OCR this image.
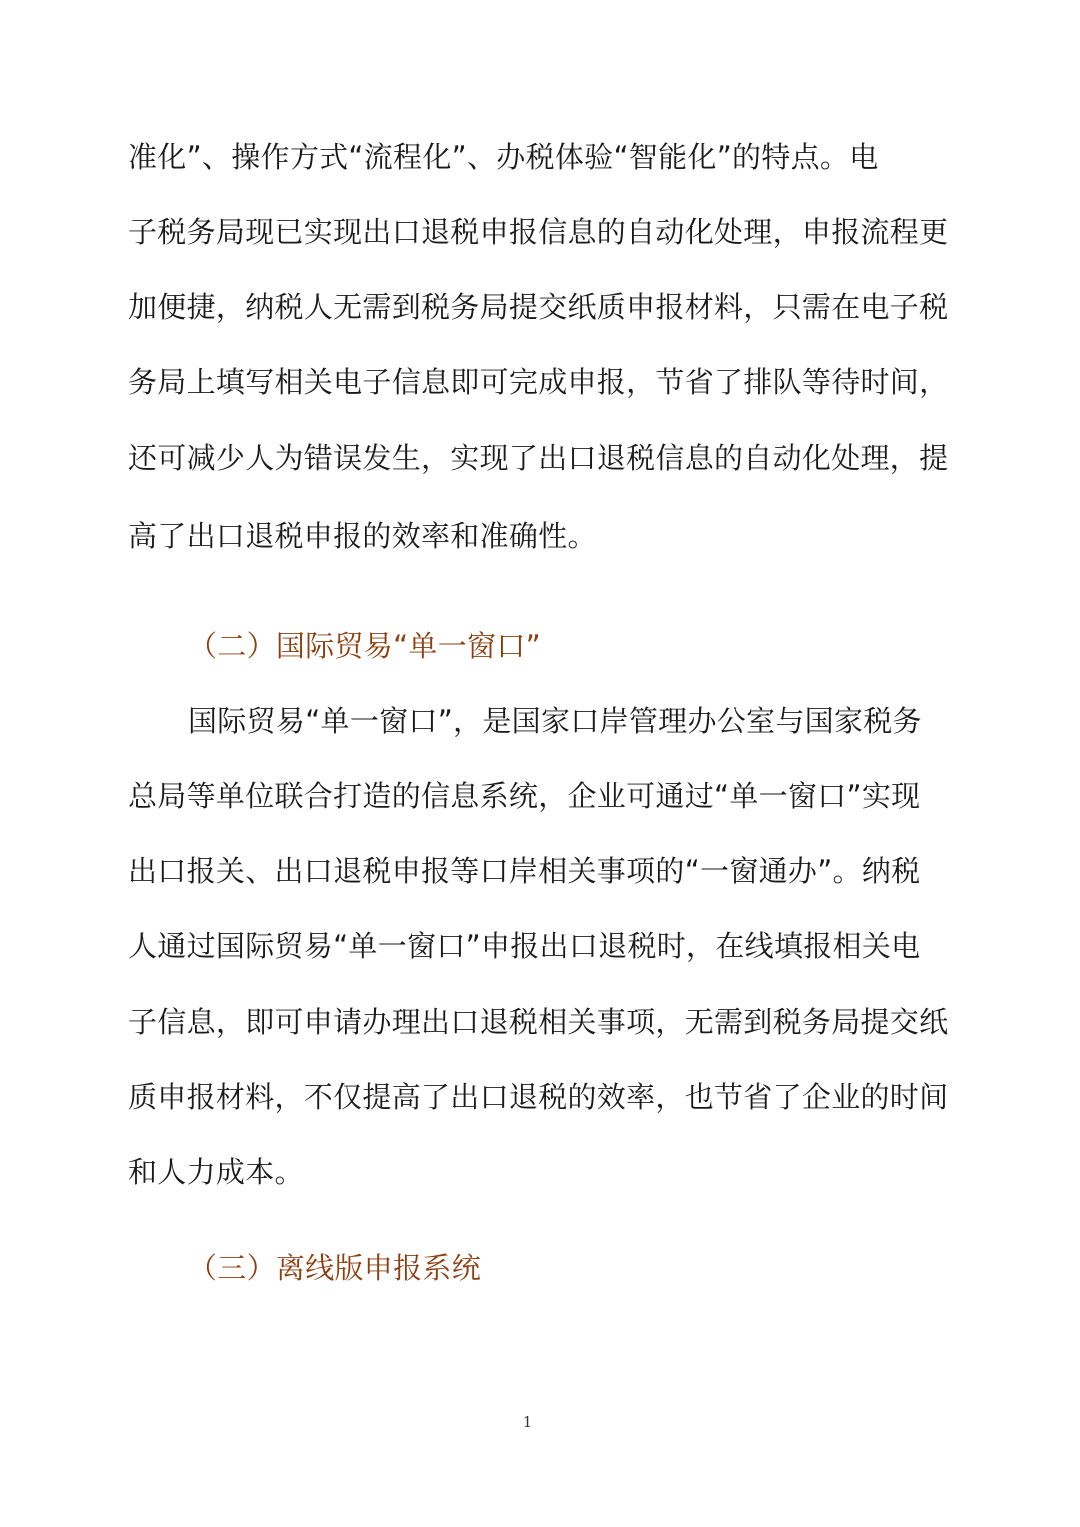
准化”、操作方式“流程化”、办税体验“智能化”的特点。电
子税务局现已实现出口退税申报信息的自动化处理，申报流程更
加便捷，纳税人无需到税务局提交纸质申报材料，只需在电子税
务局上填写相关电子信息即可完成申报，节省了排队等待时间，
还可减少人为错误发生，实现了出口退税信息的自动化处理，提
高了出口退税申报的效率和准确性。
（二）国际贸易“单一窗口”
国际贸易“单一窗口”，是国家口岸管理办公室与国家税务
总局等单位联合打造的信息系统，企业可通过“单一窗口”实现
出口报关、出口退税申报等口岸相关事项的“一窗通办”。纳税
人通过国际贸易“单一窗口”申报出口退税时，在线填报相关电
子信息，即可申请办理出口退税相关事项，无需到税务局提交纸
质申报材料，不仅提高了出口退税的效率，也节省了企业的时间
和人力成本。
（三）离线版申报系统
1
